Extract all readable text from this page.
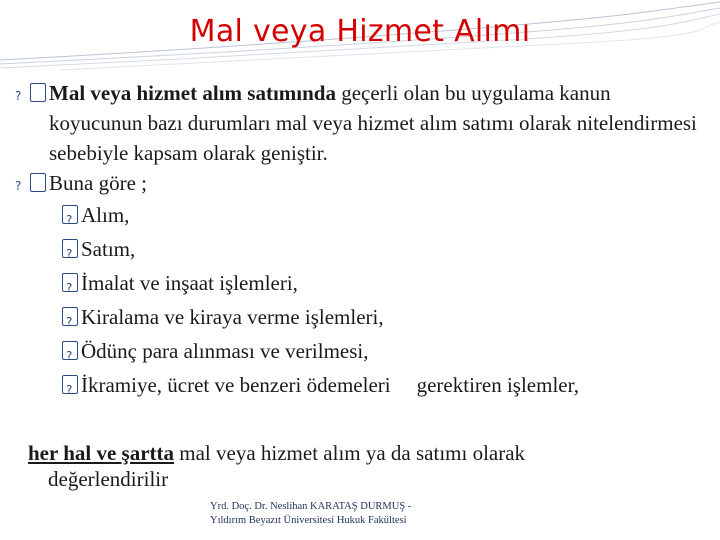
Mal veya Hizmet Alımı
?Mal veya hizmet alım satımında geçerli olan bu uygulama kanun koyucunun bazı durumları mal veya hizmet alım satımı olarak nitelendirmesi sebebiyle kapsam olarak geniştir.
?Buna göre ;
?Alım,
?Satım,
?İmalat ve inşaat işlemleri,
?Kiralama ve kiraya verme işlemleri,
?Ödünç para alınması ve verilmesi,
?İkramiye, ücret ve benzeri ödemeleri gerektiren işlemler,
her hal ve şartta mal veya hizmet alım ya da satımı olarak
değerlendirilir
Yrd. Doç. Dr. Neslihan KARATAŞ DURMUŞ -
Yıldırım Beyazıt Üniversitesi Hukuk Fakültesi
